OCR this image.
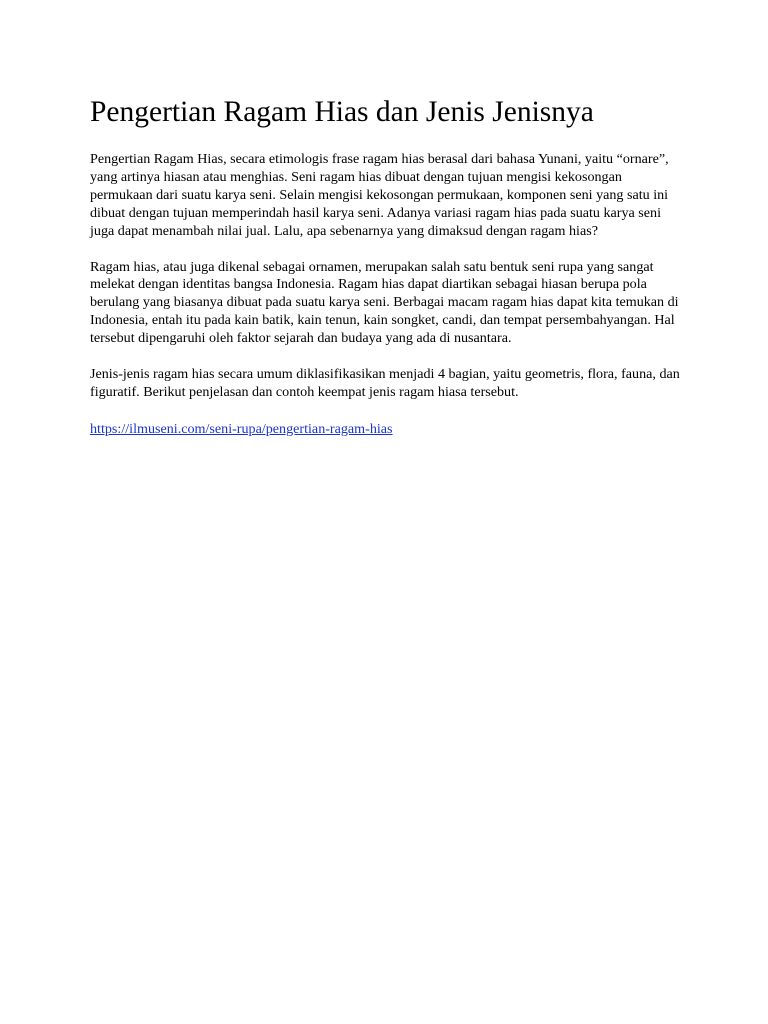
Pengertian Ragam Hias dan Jenis Jenisnya

Pengertian Ragam Hias, secara etimologis frase ragam hias berasal dari bahasa Yunani, yaitu “ornare”, yang artinya hiasan atau menghias. Seni ragam hias dibuat dengan tujuan mengisi kekosongan permukaan dari suatu karya seni. Selain mengisi kekosongan permukaan, komponen seni yang satu ini dibuat dengan tujuan memperindah hasil karya seni. Adanya variasi ragam hias pada suatu karya seni juga dapat menambah nilai jual. Lalu, apa sebenarnya yang dimaksud dengan ragam hias?

Ragam hias, atau juga dikenal sebagai ornamen, merupakan salah satu bentuk seni rupa yang sangat melekat dengan identitas bangsa Indonesia. Ragam hias dapat diartikan sebagai hiasan berupa pola berulang yang biasanya dibuat pada suatu karya seni. Berbagai macam ragam hias dapat kita temukan di Indonesia, entah itu pada kain batik, kain tenun, kain songket, candi, dan tempat persembahyangan. Hal tersebut dipengaruhi oleh faktor sejarah dan budaya yang ada di nusantara.

Jenis-jenis ragam hias secara umum diklasifikasikan menjadi 4 bagian, yaitu geometris, flora, fauna, dan figuratif. Berikut penjelasan dan contoh keempat jenis ragam hiasa tersebut.

https://ilmuseni.com/seni-rupa/pengertian-ragam-hias
